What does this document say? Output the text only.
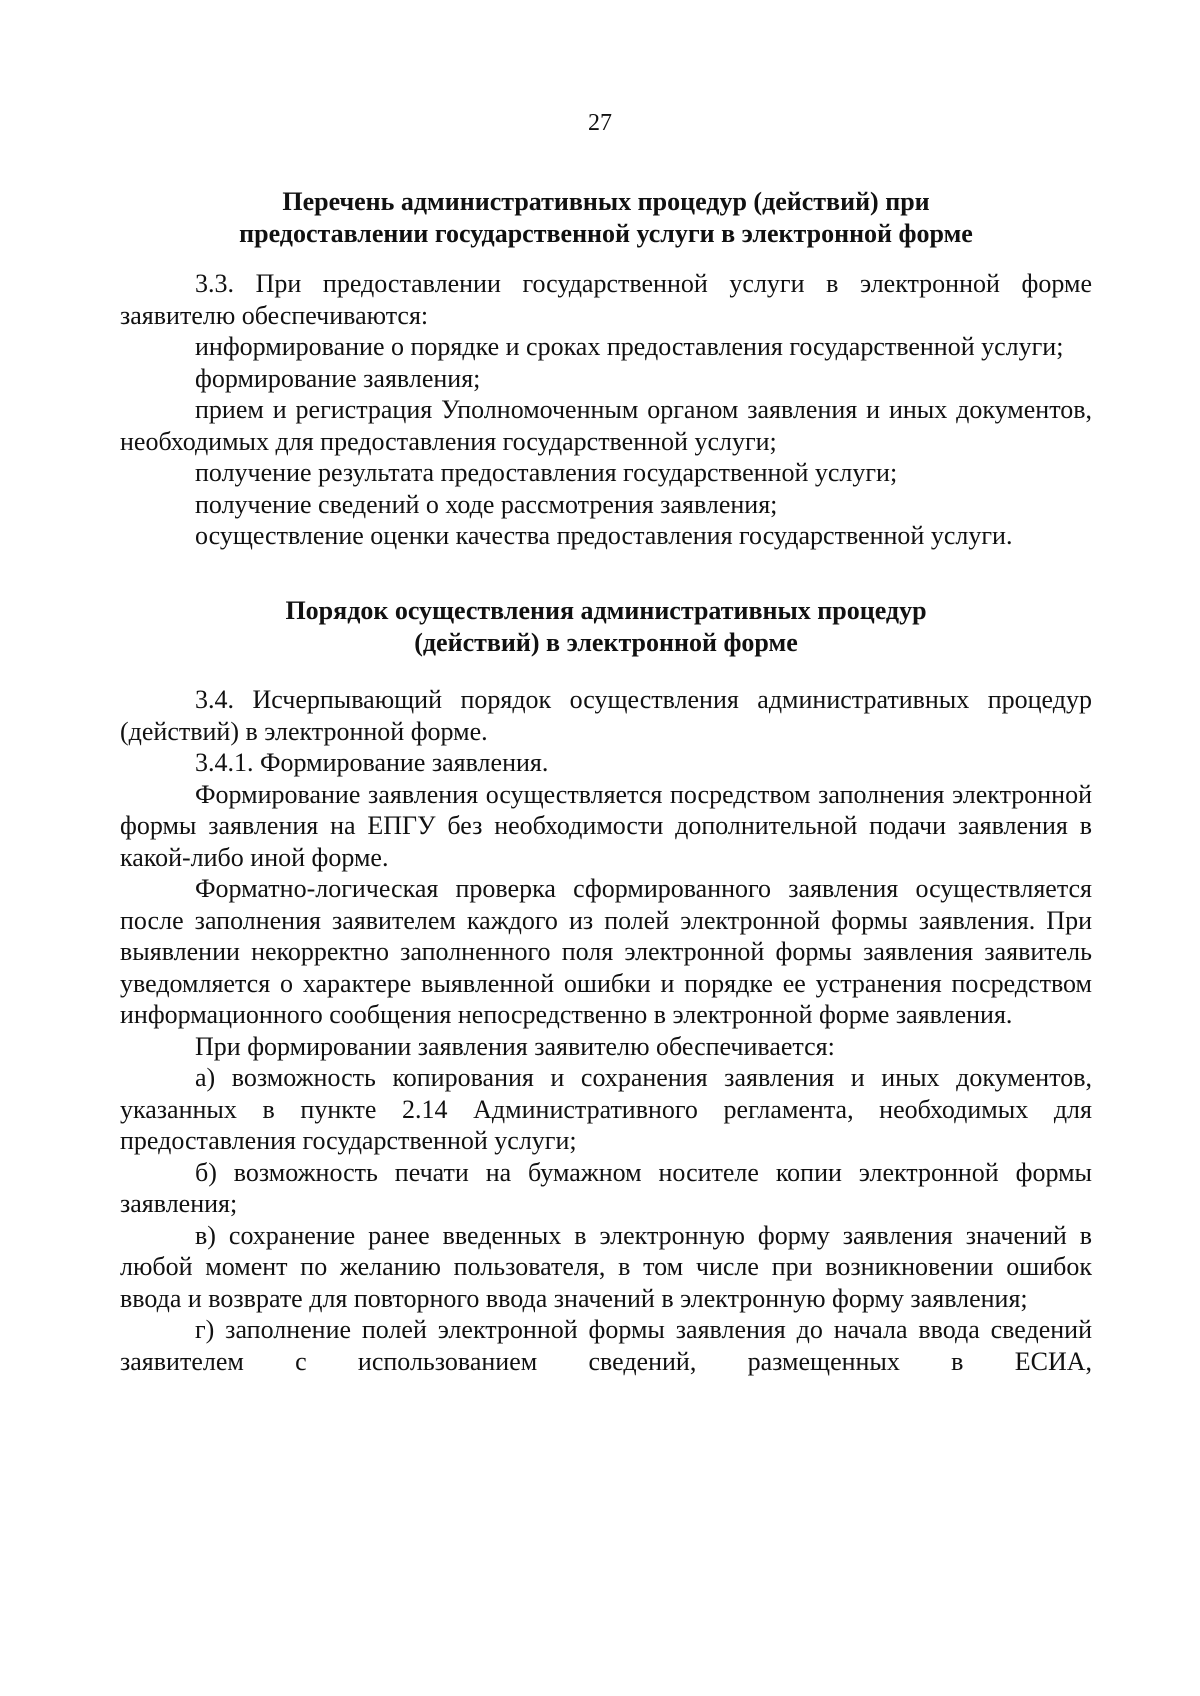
27
Перечень административных процедур (действий) при
предоставлении государственной услуги в электронной форме

3.3. При предоставлении государственной услуги в электронной форме заявителю обеспечиваются:

информирование о порядке и сроках предоставления государственной услуги;

формирование заявления;

прием и регистрация Уполномоченным органом заявления и иных документов, необходимых для предоставления государственной услуги;

получение результата предоставления государственной услуги;

получение сведений о ходе рассмотрения заявления;

осуществление оценки качества предоставления государственной услуги.

Порядок осуществления административных процедур
(действий) в электронной форме

3.4. Исчерпывающий порядок осуществления административных процедур (действий) в электронной форме.

3.4.1. Формирование заявления.

Формирование заявления осуществляется посредством заполнения электронной формы заявления на ЕПГУ без необходимости дополнительной подачи заявления в какой-либо иной форме.

Форматно-логическая проверка сформированного заявления осуществляется после заполнения заявителем каждого из полей электронной формы заявления. При выявлении некорректно заполненного поля электронной формы заявления заявитель уведомляется о характере выявленной ошибки и порядке ее устранения посредством информационного сообщения непосредственно в электронной форме заявления.

При формировании заявления заявителю обеспечивается:

а) возможность копирования и сохранения заявления и иных документов, указанных в пункте 2.14 Административного регламента, необходимых для предоставления государственной услуги;

б) возможность печати на бумажном носителе копии электронной формы заявления;

в) сохранение ранее введенных в электронную форму заявления значений в любой момент по желанию пользователя, в том числе при возникновении ошибок ввода и возврате для повторного ввода значений в электронную форму заявления;

г) заполнение полей электронной формы заявления до начала ввода сведений заявителем с использованием сведений, размещенных в ЕСИА,
